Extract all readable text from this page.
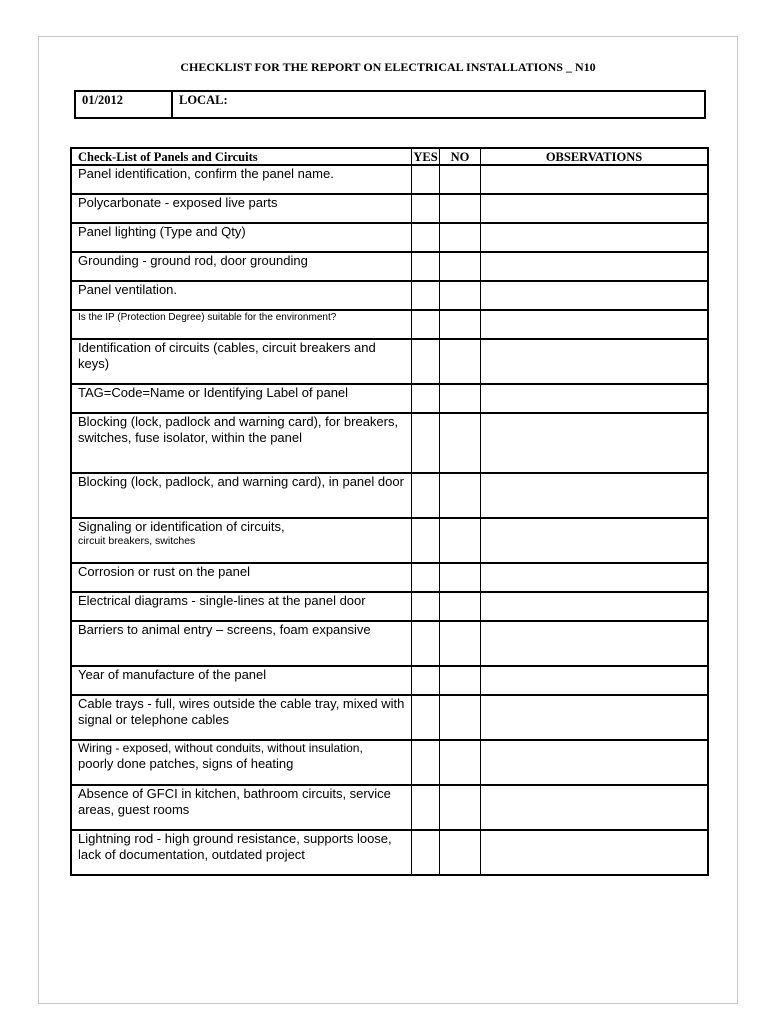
CHECKLIST FOR THE REPORT ON ELECTRICAL INSTALLATIONS _ N10
01/2012	LOCAL:
Check-List of Panels and Circuits	YES	NO	OBSERVATIONS

Panel identification, confirm the panel name.			

Polycarbonate - exposed live parts			

Panel lighting (Type and Qty)			

Grounding - ground rod, door grounding			

Panel ventilation.			

Is the IP (Protection Degree) suitable for the environment?			

Identification of circuits (cables, circuit breakers and keys)			

TAG=Code=Name or Identifying Label of panel			

Blocking (lock, padlock and warning card), for breakers, switches, fuse isolator, within the panel			

Blocking (lock, padlock, and warning card), in panel door			

Signaling or identification of circuits,
circuit breakers, switches			

Corrosion or rust on the panel			

Electrical diagrams - single-lines at the panel door			

Barriers to animal entry – screens, foam expansive			

Year of manufacture of the panel			

Cable trays - full, wires outside the cable tray, mixed with signal or telephone cables			

Wiring - exposed, without conduits, without insulation,
poorly done patches, signs of heating			

Absence of GFCI in kitchen, bathroom circuits, service areas, guest rooms			

Lightning rod - high ground resistance, supports loose, lack of documentation, outdated project			
